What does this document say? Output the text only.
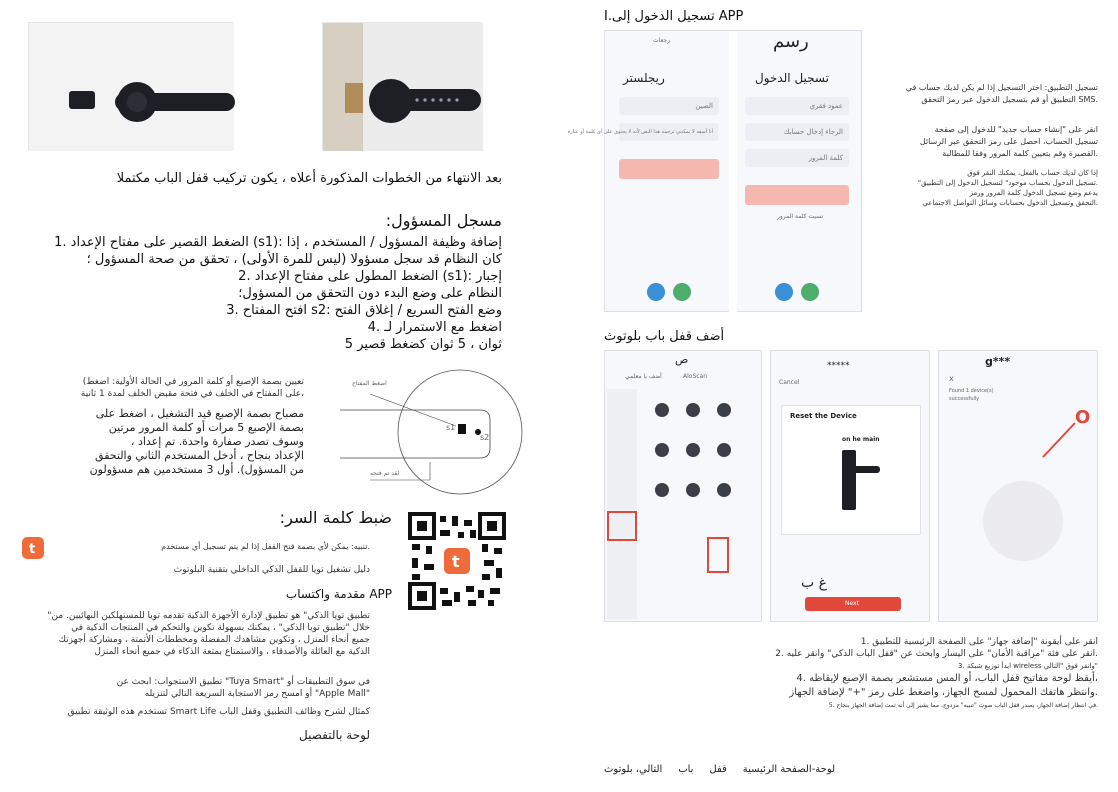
بعد الانتهاء من الخطوات المذكورة أعلاه ، يكون تركيب قفل الباب مكتملا
مسجل المسؤول:
إضافة وظيفة المسؤول / المستخدم ، إذا :(s1) الضغط القصير على مفتاح الإعداد .1
كان النظام قد سجل مسؤولا (ليس للمرة الأولى) ، تحقق من صحة المسؤول ؛
إجبار :(s1) الضغط المطول على مفتاح الإعداد .2
النظام على وضع البدء دون التحقق من المسؤول؛
وضع الفتح السريع / إغلاق الفتح :s2 افتح المفتاح .3
اضغط مع الاستمرار لـ .4
ثوان ، 5 ثوان كضغط قصير 5
تعيين بصمة الإصبع أو كلمة المرور في الحالة الأولية: اضغط)
،على المفتاح في الخلف في فتحة مقبض الخلف لمدة 1 ثانية
مصباح بصمة الإصبع قيد التشغيل ، اضغط على
بصمة الإصبع 5 مرات أو كلمة المرور مرتين
وسوف تصدر صفارة واحدة. تم إعداد ،
الإعداد بنجاح ، أدخل المستخدم الثاني والتحقق
من المسؤول). أول 3 مستخدمين هم مسؤولون
اضغط المفتاح
s1
s2
لقد تم فتحه
ضبط كلمة السر:
t	.تنبيه: يمكن لأي بصمة فتح القفل إذا لم يتم تسجيل أي مستخدم
دليل تشغيل تويا للقفل الذكي الداخلي بتقنية البلوتوث	t
APP مقدمة واكتساب
تطبيق تويا الذكي" هو تطبيق لإدارة الأجهزة الذكية تقدمه تويا للمستهلكين النهائيين. من"
خلال "تطبيق تويا الذكي" ، يمكنك بسهولة تكوين والتحكم في المنتجات الذكية في
جميع أنحاء المنزل ، وتكوين مشاهدك المفضلة ومخططات الأتمتة ، ومشاركة أجهزتك
الذكية مع العائلة والأصدقاء ، والاستمتاع بمتعة الذكاء في جميع أنحاء المنزل
في سوق التطبيقات أو "Tuya Smart" تطبيق الاستجواب: ابحث عن
"Apple Mall" أو امسح رمز الاستجابة السريعة التالي لتنزيله
كمثال لشرح وظائف التطبيق وقفل الباب Smart Life تستخدم هذه الوثيقة تطبيق
لوحة بالتفصيل
APP تسجيل الدخول إلى.I
رجعات
ريجلستر
الصين
أنا أسفه لا يمكنني ترجمة هذا النص لأنه لا يحتوي على أي كلمة أو عبارة
رسم
تسجيل الدخول
عمود فقري
الرجاء إدخال حسابك
كلمة المرور
نسيت كلمة المرور
تسجيل التطبيق: اختر التسجيل إذا لم يكن لديك حساب في
.SMS التطبيق أو قم بتسجيل الدخول عبر رمز التحقق
انقر على "إنشاء حساب جديد" للدخول إلى صفحة
تسجيل الحساب، احصل على رمز التحقق عبر الرسائل
.القصيرة وقم بتعيين كلمة المرور وفقا للمطالبة
إذا كان لديك حساب بالفعل، يمكنك النقر فوق
.تسجيل الدخول بحساب موجود" لتسجيل الدخول إلى التطبيق"
يدعم وضع تسجيل الدخول كلمة المرور ورمز
.التحقق وتسجيل الدخول بحسابات وسائل التواصل الاجتماعي
أضف قفل باب بلوتوث
ص
أضف يا معلمي	AloScan

*****
Cancel
Reset the Device
on he main
غ ب
Next
g***
x
Found 1 device(s) successfully
O
انقر على أيقونة "إضافة جهاز" على الصفحة الرئيسية للتطبيق .1
.انقر على فئة "مراقبة الأمان" على اليسار وابحث عن "قفل الباب الذكي" وانقر عليه .2
"وانقر فوق "التالي wireless ابدأ توزيع شبكة .3
،أيقظ لوحة مفاتيح قفل الباب، أو المس مستشعر بصمة الإصبع لإيقاظه .4
.وانتظر هاتفك المحمول لمسح الجهاز، واضغط على رمز "+" لإضافة الجهاز
.في انتظار إضافة الجهاز، يصدر قفل الباب صوت "تنبيه" مزدوج، مما يشير إلى أنه تمت إضافة الجهاز بنجاح .5
لوحة-الصفحة الرئيسية     قفل     باب     التالي، بلوتوث
